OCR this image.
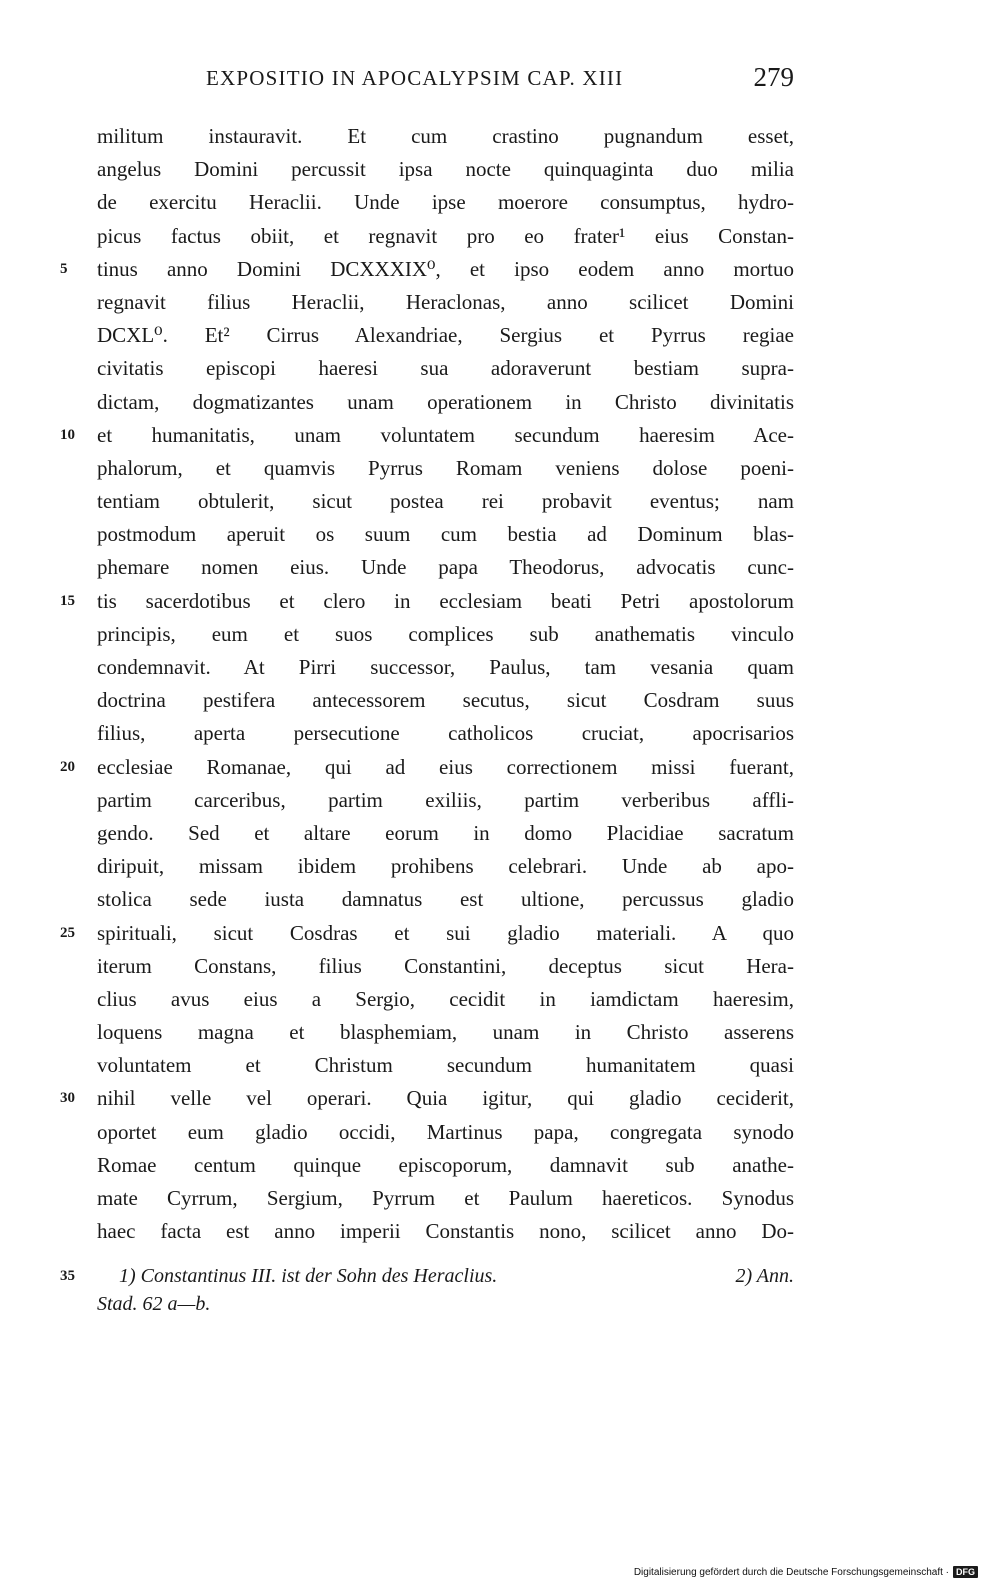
EXPOSITIO IN APOCALYPSIM CAP. XIII	279
militum instauravit. Et cum crastino pugnandum esset,
angelus Domini percussit ipsa nocte quinquaginta duo milia
de exercitu Heraclii. Unde ipse moerore consumptus, hydro-
picus factus obiit, et regnavit pro eo frater¹ eius Constan-
5	tinus anno Domini DCXXXIX⁰, et ipso eodem anno mortuo
regnavit filius Heraclii, Heraclonas, anno scilicet Domini
DCXL⁰. Et² Cirrus Alexandriae, Sergius et Pyrrus regiae
civitatis episcopi haeresi sua adoraverunt bestiam supra-
dictam, dogmatizantes unam operationem in Christo divinitatis
10	et humanitatis, unam voluntatem secundum haeresim Ace-
phalorum, et quamvis Pyrrus Romam veniens dolose poeni-
tentiam obtulerit, sicut postea rei probavit eventus; nam
postmodum aperuit os suum cum bestia ad Dominum blas-
phemare nomen eius. Unde papa Theodorus, advocatis cunc-
15	tis sacerdotibus et clero in ecclesiam beati Petri apostolorum
principis, eum et suos complices sub anathematis vinculo
condemnavit. At Pirri successor, Paulus, tam vesania quam
doctrina pestifera antecessorem secutus, sicut Cosdram suus
filius, aperta persecutione catholicos cruciat, apocrisarios
20	ecclesiae Romanae, qui ad eius correctionem missi fuerant,
partim carceribus, partim exiliis, partim verberibus affli-
gendo. Sed et altare eorum in domo Placidiae sacratum
diripuit, missam ibidem prohibens celebrari. Unde ab apo-
stolica sede iusta damnatus est ultione, percussus gladio
25	spirituali, sicut Cosdras et sui gladio materiali. A quo
iterum Constans, filius Constantini, deceptus sicut Hera-
clius avus eius a Sergio, cecidit in iamdictam haeresim,
loquens magna et blasphemiam, unam in Christo asserens
voluntatem et Christum secundum humanitatem quasi
30	nihil velle vel operari. Quia igitur, qui gladio ceciderit,
oportet eum gladio occidi, Martinus papa, congregata synodo
Romae centum quinque episcoporum, damnavit sub anathe-
mate Cyrrum, Sergium, Pyrrum et Paulum haereticos. Synodus
haec facta est anno imperii Constantis nono, scilicet anno Do-
35 1) Constantinus III. ist der Sohn des Heraclius.	2) Ann.
Stad. 62 a—b.
Digitalisierung gefördert durch die Deutsche Forschungsgemeinschaft · DFG
